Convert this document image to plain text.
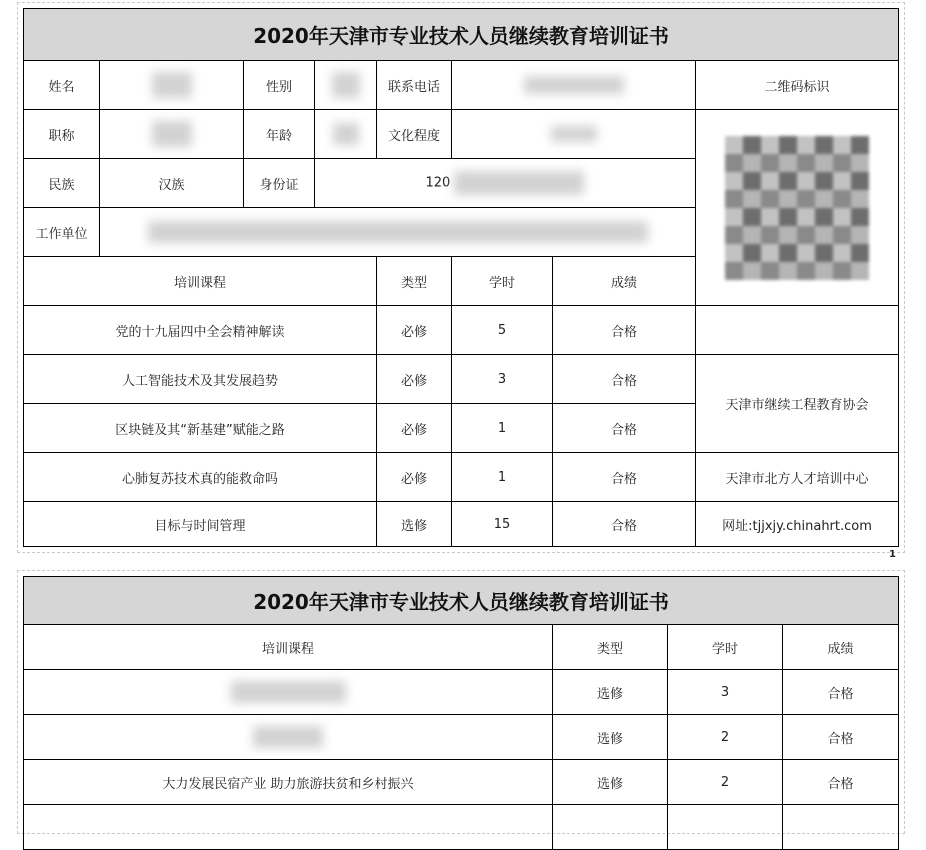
2020年天津市专业技术人员继续教育培训证书							
姓名		性别		联系电话			二维码标识
职称		年龄		文化程度			

民族	汉族	身份证	120				
工作单位							
培训课程				类型	学时	成绩	
党的十九届四中全会精神解读				必修	5	合格	
人工智能技术及其发展趋势				必修	3	合格	天津市继续工程教育协会
区块链及其“新基建”赋能之路				必修	1	合格	
心肺复苏技术真的能救命吗				必修	1	合格	天津市北方人才培训中心
目标与时间管理				选修	15	合格	网址:tjjxjy.chinahrt.com
1
2020年天津市专业技术人员继续教育培训证书			
培训课程	类型	学时	成绩
	选修	3	合格
	选修	2	合格
大力发展民宿产业 助力旅游扶贫和乡村振兴	选修	2	合格
